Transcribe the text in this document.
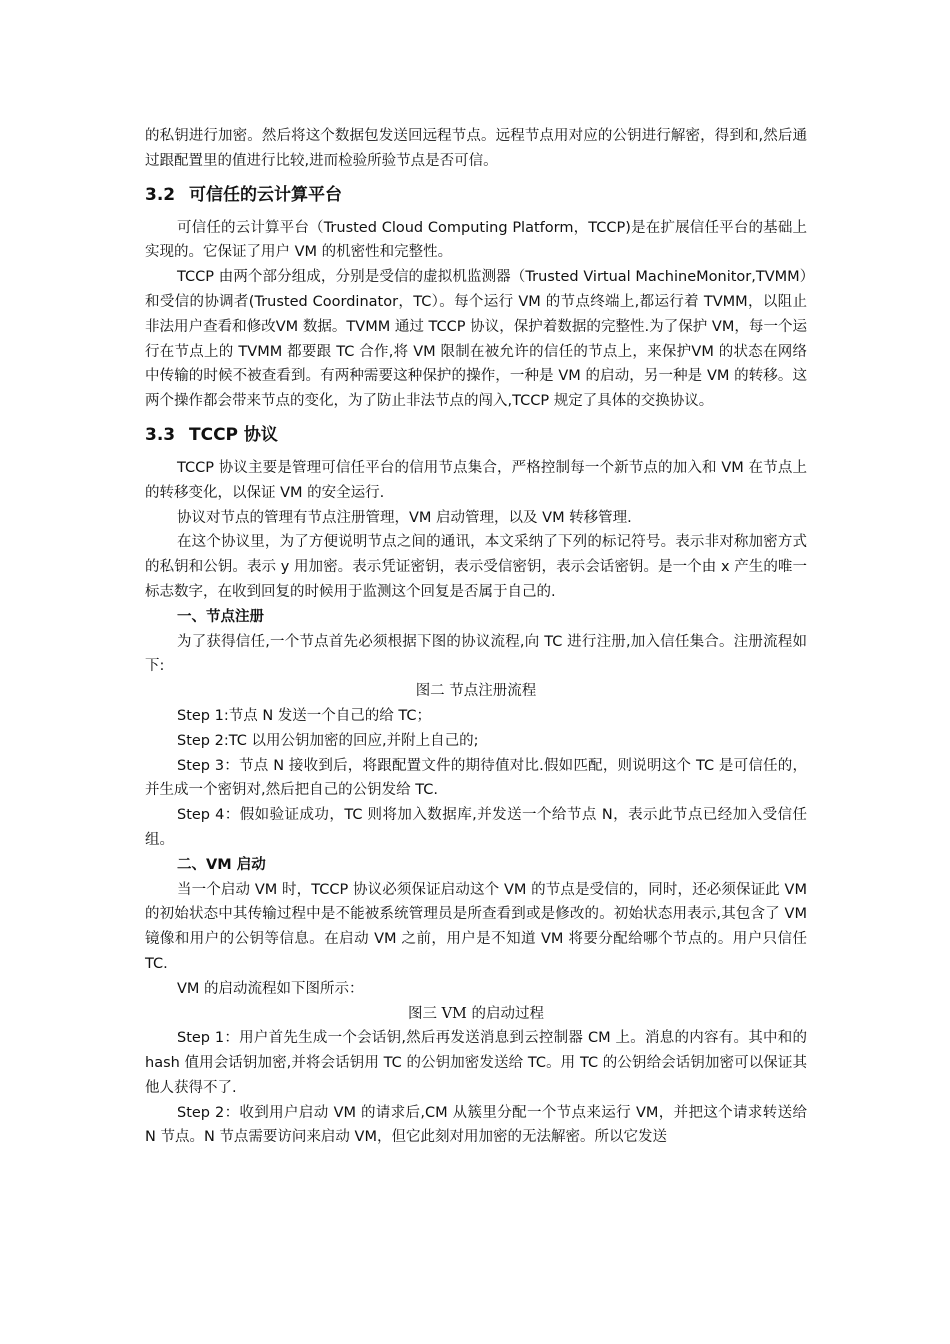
的私钥进行加密。然后将这个数据包发送回远程节点。远程节点用对应的公钥进行解密，得到和,然后通过跟配置里的值进行比较,进而检验所验节点是否可信。

3.2 可信任的云计算平台

可信任的云计算平台（Trusted Cloud Computing Platform，TCCP)是在扩展信任平台的基础上实现的。它保证了用户 VM 的机密性和完整性。

TCCP 由两个部分组成，分别是受信的虚拟机监测器（Trusted Virtual MachineMonitor,TVMM）和受信的协调者(Trusted Coordinator，TC）。每个运行 VM 的节点终端上,都运行着 TVMM，以阻止非法用户查看和修改VM 数据。TVMM 通过 TCCP 协议，保护着数据的完整性.为了保护 VM，每一个运行在节点上的 TVMM 都要跟 TC 合作,将 VM 限制在被允许的信任的节点上，来保护VM 的状态在网络中传输的时候不被查看到。有两种需要这种保护的操作，一种是 VM 的启动，另一种是 VM 的转移。这两个操作都会带来节点的变化，为了防止非法节点的闯入,TCCP 规定了具体的交换协议。

3.3 TCCP 协议

TCCP 协议主要是管理可信任平台的信用节点集合，严格控制每一个新节点的加入和 VM 在节点上的转移变化，以保证 VM 的安全运行.

协议对节点的管理有节点注册管理，VM 启动管理，以及 VM 转移管理.

在这个协议里，为了方便说明节点之间的通讯，本文采纳了下列的标记符号。表示非对称加密方式的私钥和公钥。表示 y 用加密。表示凭证密钥，表示受信密钥，表示会话密钥。是一个由 x 产生的唯一标志数字，在收到回复的时候用于监测这个回复是否属于自己的.

一、节点注册

为了获得信任,一个节点首先必须根据下图的协议流程,向 TC 进行注册,加入信任集合。注册流程如下:

图二 节点注册流程

Step 1:节点 N 发送一个自己的给 TC；

Step 2:TC 以用公钥加密的回应,并附上自己的;

Step 3：节点 N 接收到后，将跟配置文件的期待值对比.假如匹配，则说明这个 TC 是可信任的，并生成一个密钥对,然后把自己的公钥发给 TC.

Step 4：假如验证成功，TC 则将加入数据库,并发送一个给节点 N，表示此节点已经加入受信任组。

二、VM 启动

当一个启动 VM 时，TCCP 协议必须保证启动这个 VM 的节点是受信的，同时，还必须保证此 VM 的初始状态中其传输过程中是不能被系统管理员是所查看到或是修改的。初始状态用表示,其包含了 VM 镜像和用户的公钥等信息。在启动 VM 之前，用户是不知道 VM 将要分配给哪个节点的。用户只信任 TC.

VM 的启动流程如下图所示：

图三 VM 的启动过程

Step 1：用户首先生成一个会话钥,然后再发送消息到云控制器 CM 上。消息的内容有。其中和的 hash 值用会话钥加密,并将会话钥用 TC 的公钥加密发送给 TC。用 TC 的公钥给会话钥加密可以保证其他人获得不了.

Step 2：收到用户启动 VM 的请求后,CM 从簇里分配一个节点来运行 VM，并把这个请求转送给 N 节点。N 节点需要访问来启动 VM，但它此刻对用加密的无法解密。所以它发送
